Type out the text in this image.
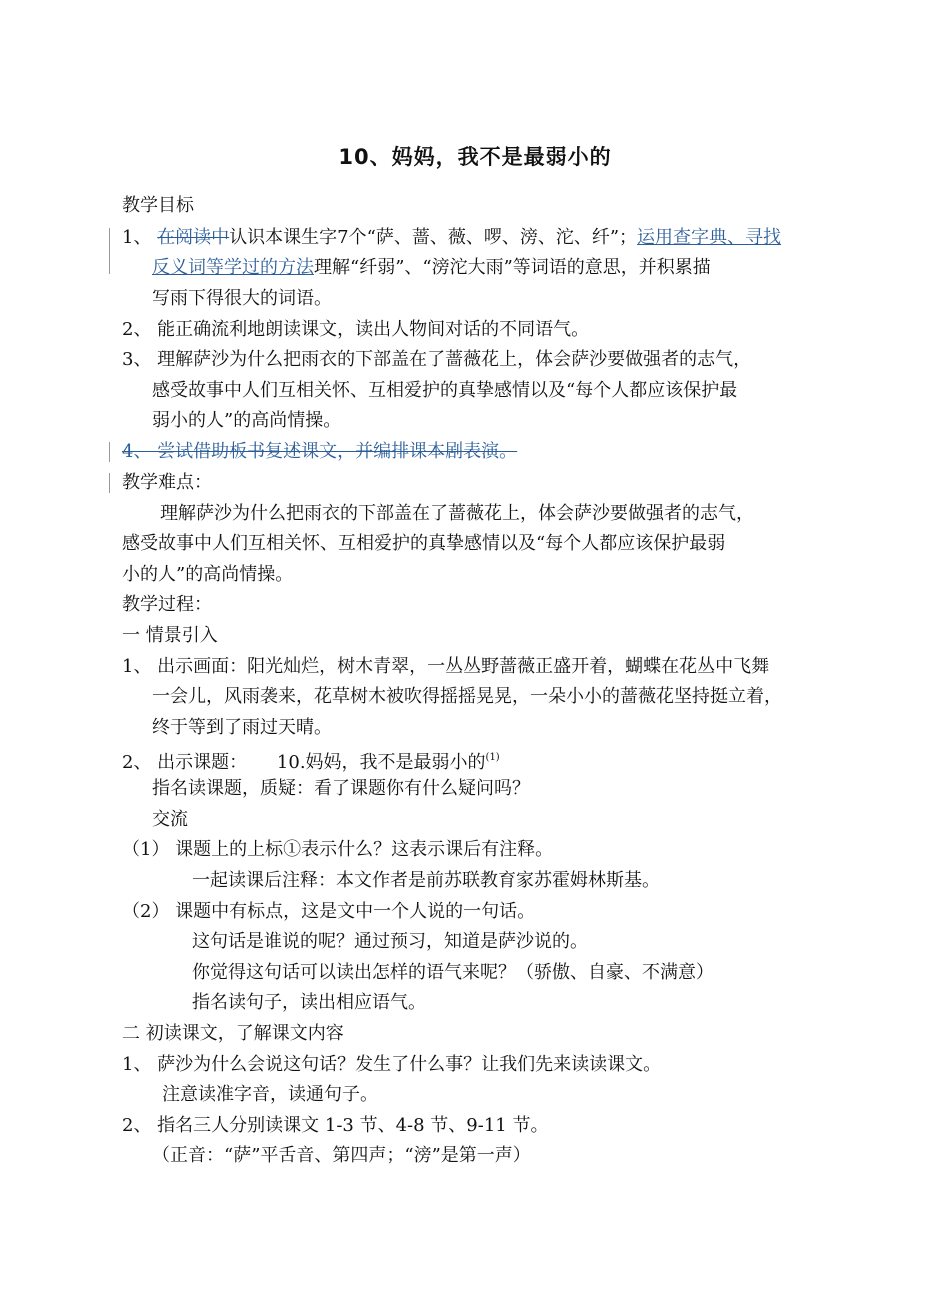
10、妈妈，我不是最弱小的
教学目标
1、 在阅读中认识本课生字7个“萨、蔷、薇、啰、滂、沱、纤”；运用查字典、寻找
反义词等学过的方法理解“纤弱”、“滂沱大雨”等词语的意思，并积累描
写雨下得很大的词语。
2、 能正确流利地朗读课文，读出人物间对话的不同语气。
3、 理解萨沙为什么把雨衣的下部盖在了蔷薇花上，体会萨沙要做强者的志气，
感受故事中人们互相关怀、互相爱护的真挚感情以及“每个人都应该保护最
弱小的人”的高尚情操。
4、 尝试借助板书复述课文，并编排课本剧表演。
教学难点：
理解萨沙为什么把雨衣的下部盖在了蔷薇花上，体会萨沙要做强者的志气，
感受故事中人们互相关怀、互相爱护的真挚感情以及“每个人都应该保护最弱
小的人”的高尚情操。
教学过程：
一 情景引入
1、 出示画面：阳光灿烂，树木青翠，一丛丛野蔷薇正盛开着，蝴蝶在花丛中飞舞
一会儿，风雨袭来，花草树木被吹得摇摇晃晃，一朵小小的蔷薇花坚持挺立着，
终于等到了雨过天晴。
2、 出示课题： 10.妈妈，我不是最弱小的$^{(1)}$
指名读课题，质疑：看了课题你有什么疑问吗？
交流
（1） 课题上的上标①表示什么？这表示课后有注释。
一起读课后注释：本文作者是前苏联教育家苏霍姆林斯基。
（2） 课题中有标点，这是文中一个人说的一句话。
这句话是谁说的呢？通过预习，知道是萨沙说的。
你觉得这句话可以读出怎样的语气来呢？（骄傲、自豪、不满意）
指名读句子，读出相应语气。
二 初读课文，了解课文内容
1、 萨沙为什么会说这句话？发生了什么事？让我们先来读读课文。
注意读准字音，读通句子。
2、 指名三人分别读课文 1-3 节、4-8 节、9-11 节。
（正音：“萨”平舌音、第四声；“滂”是第一声）
